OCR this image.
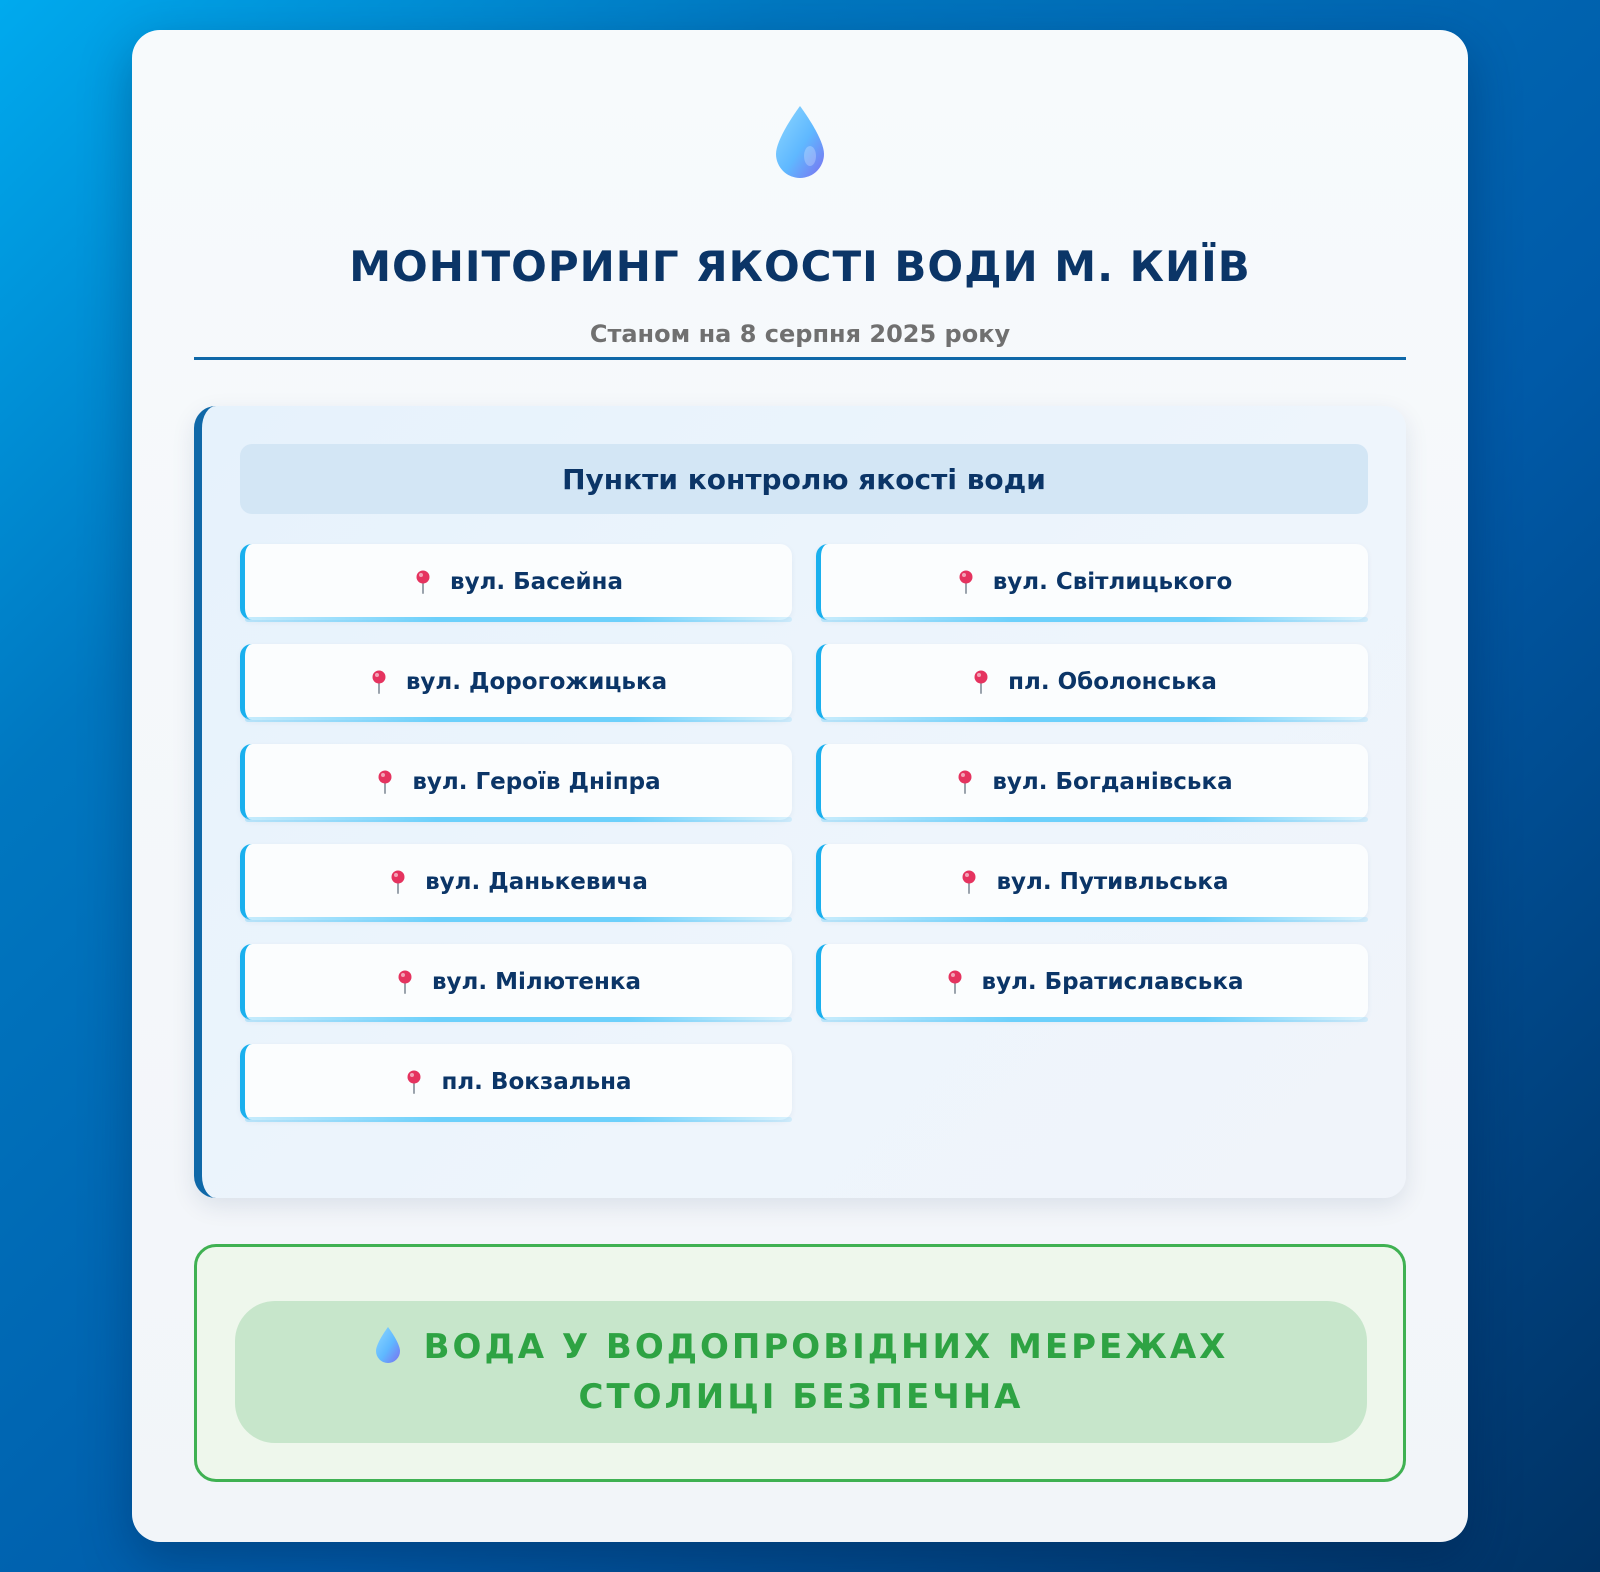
МОНІТОРИНГ ЯКОСТІ ВОДИ М. КИЇВ
Станом на 8 серпня 2025 року
Пункти контролю якості води
вул. Басейна	вул. Світлицького
вул. Дорогожицька	пл. Оболонська
вул. Героїв Дніпра	вул. Богданівська
вул. Данькевича	вул. Путивльська
вул. Мілютенка	вул. Братиславська
пл. Вокзальна
ВОДА У ВОДОПРОВІДНИХ МЕРЕЖАХ СТОЛИЦІ БЕЗПЕЧНА
